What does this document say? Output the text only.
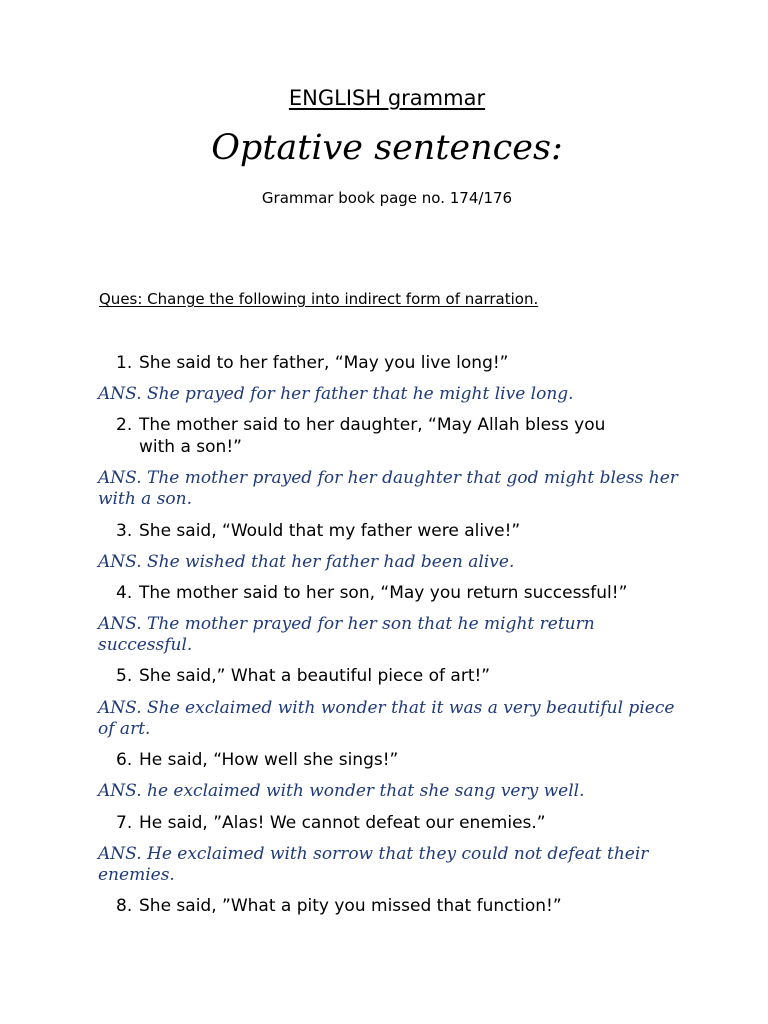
ENGLISH grammar
Optative sentences:
Grammar book page no. 174/176
Ques: Change the following into indirect form of narration.
1. She said to her father, “May you live long!”
ANS. She prayed for her father that he might live long.
2. The mother said to her daughter, “May Allah bless you
with a son!”
ANS. The mother prayed for her daughter that god might bless her with a son.
3. She said, “Would that my father were alive!”
ANS. She wished that her father had been alive.
4. The mother said to her son, “May you return successful!”
ANS. The mother prayed for her son that he might return successful.
5. She said,” What a beautiful piece of art!”
ANS. She exclaimed with wonder that it was a very beautiful piece of art.
6. He said, “How well she sings!”
ANS. he exclaimed with wonder that she sang very well.
7. He said, ”Alas! We cannot defeat our enemies.”
ANS. He exclaimed with sorrow that they could not defeat their enemies.
8. She said, ”What a pity you missed that function!”
